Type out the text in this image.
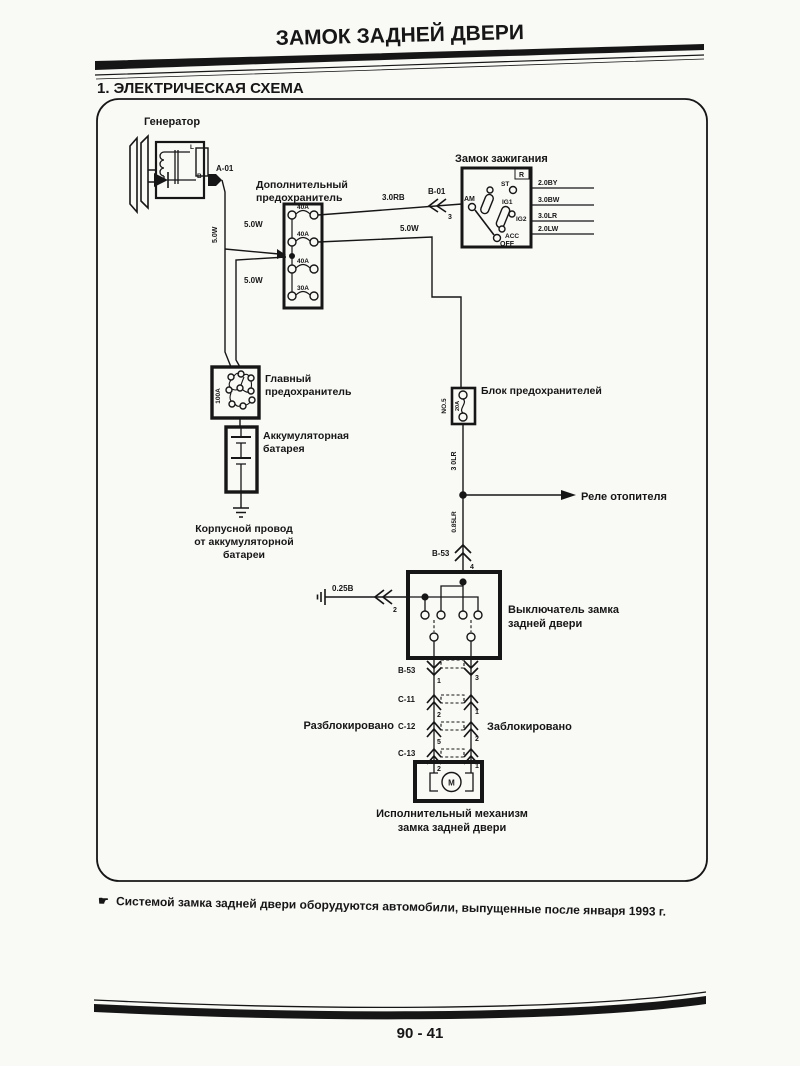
ЗАМОК ЗАДНЕЙ ДВЕРИ
1. ЭЛЕКТРИЧЕСКАЯ СХЕМА
Генератор
L
B
A-01
5.0W
5.0W
5.0W
Дополнительный
предохранитель
40A
40A
40A
30A
3.0RB
B-01
3
5.0W
Замок зажигания
R
AM
OFF
ST
IG1
IG2
ACC
2.0BY
3.0BW
3.0LR
2.0LW
Главный
предохранитель
100A
Аккумуляторная
батарея
Корпусной провод
от аккумуляторной
батареи
20A
NO.5
Блок предохранителей
3 0LR
Реле отопителя
0.85LR
B-53
4
Выключатель замка
задней двери
0.25B
2
B-53
1	3
C-11
2	1
C-12
5	2
C-13
2	1
Разблокировано	Заблокировано
M
Исполнительный механизм
замка задней двери
☛ Системой замка задней двери оборудуются автомобили, выпущенные после января 1993 г.
90 - 41
